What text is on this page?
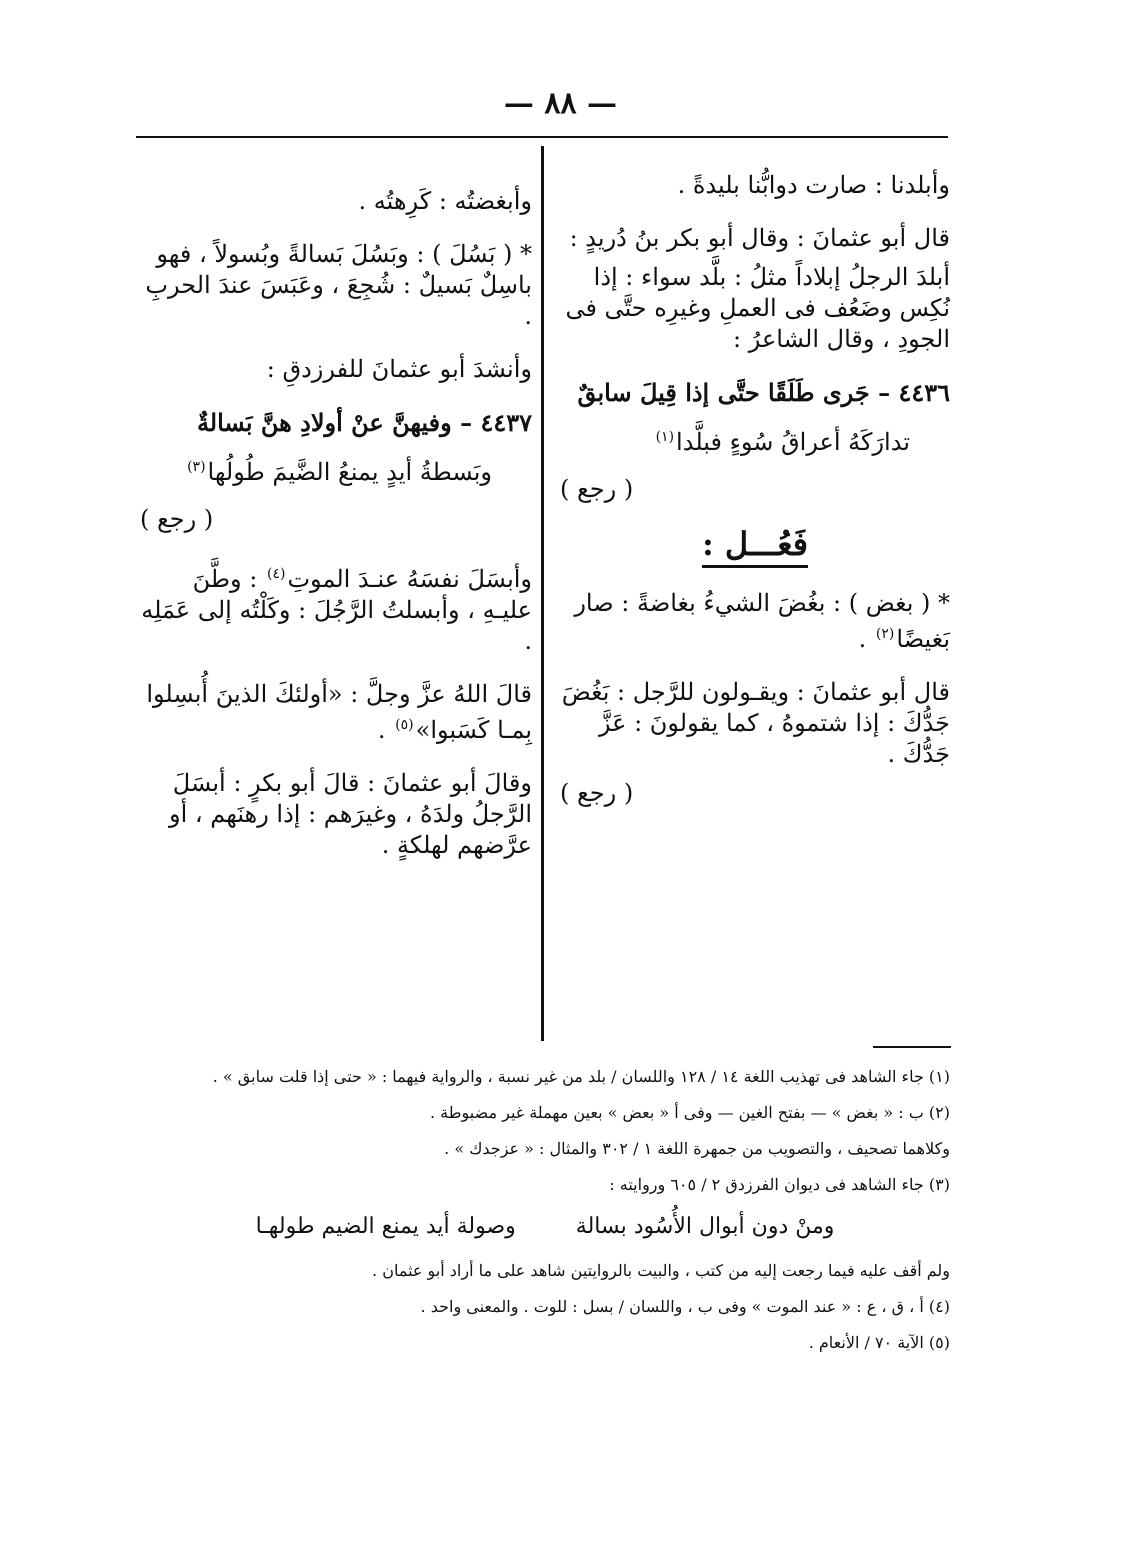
— ٨٨ —

وأبلدنا : صارت دوابُّنا بليدةً .

قال أبو عثمانَ : وقال أبو بكر بنُ دُريدٍ :

أبلدَ الرجلُ إبلاداً مثلُ : بلَّد سواء : إذا نُكِس وضَعُف فى العملِ وغيرِه حتَّى فى الجودِ ، وقال الشاعرُ :

٤٤٣٦ – جَرى طَلَقًا حتَّى إذا قِيلَ سابقٌ

تدارَكَهُ أعراقُ سُوءٍ فبلَّدا$^{(١)}$

( رجع )
فَعُـــل :

* ( بغض ) : بغُضَ الشيءُ بغاضةً : صار بَغيضًا$^{(٢)}$ .

قال أبو عثمانَ : ويقـولون للرَّجل : بَغُضَ جَدُّكَ : إذا شتموهُ ، كما يقولونَ : عَزَّ جَدُّكَ .

( رجع )

وأبغضتُه : كَرِهتُه .

* ( بَسُلَ ) : وبَسُلَ بَسالةً وبُسولاً ، فهو باسِلٌ بَسيلٌ : شُجِعَ ، وعَبَسَ عندَ الحربِ .

وأنشدَ أبو عثمانَ للفرزدقِ :

٤٤٣٧ – وفيهنَّ عنْ أولادِ هنَّ بَسالةٌ

وبَسطةُ أيدٍ يمنعُ الضَّيمَ طُولُها$^{(٣)}$

( رجع )

وأبسَلَ نفسَهُ عنـدَ الموتِ$^{(٤)}$ : وطَّنَ عليـهِ ، وأبسلتُ الرَّجُلَ : وكَلْتُه إلى عَمَلِه .

قالَ اللهُ عزَّ وجلَّ : «أولئكَ الذينَ أُبسِلوا بِمـا كَسَبوا»$^{(٥)}$ .

وقالَ أبو عثمانَ : قالَ أبو بكرٍ : أبسَلَ الرَّجلُ ولدَهُ ، وغيرَهم : إذا رهنَهم ، أو عرَّضهم لهلكةٍ .

(١) جاء الشاهد فى تهذيب اللغة ١٤ / ١٢٨ واللسان / بلد من غير نسبة ، والرواية فيهما : « حتى إذا قلت سابق » .

(٢) ب : « بغض » — بفتح الغين — وفى أ « بعض » بعين مهملة غير مضبوطة .

وكلاهما تصحيف ، والتصويب من جمهرة اللغة ١ / ٣٠٢ والمثال : « عزجدك » .

(٣) جاء الشاهد فى ديوان الفرزدق ٢ / ٦٠٥ وروايته :

ومنْ دون أبوال الأُسُود بسالة
وصولة أيد يمنع الضيم طولهـا

ولم أقف عليه فيما رجعت إليه من كتب ، والبيت بالروايتين شاهد على ما أراد أبو عثمان .

(٤) أ ، ق ، ع : « عند الموت » وفى ب ، واللسان / بسل : للوت . والمعنى واحد .

(٥) الآية ٧٠ / الأنعام .
